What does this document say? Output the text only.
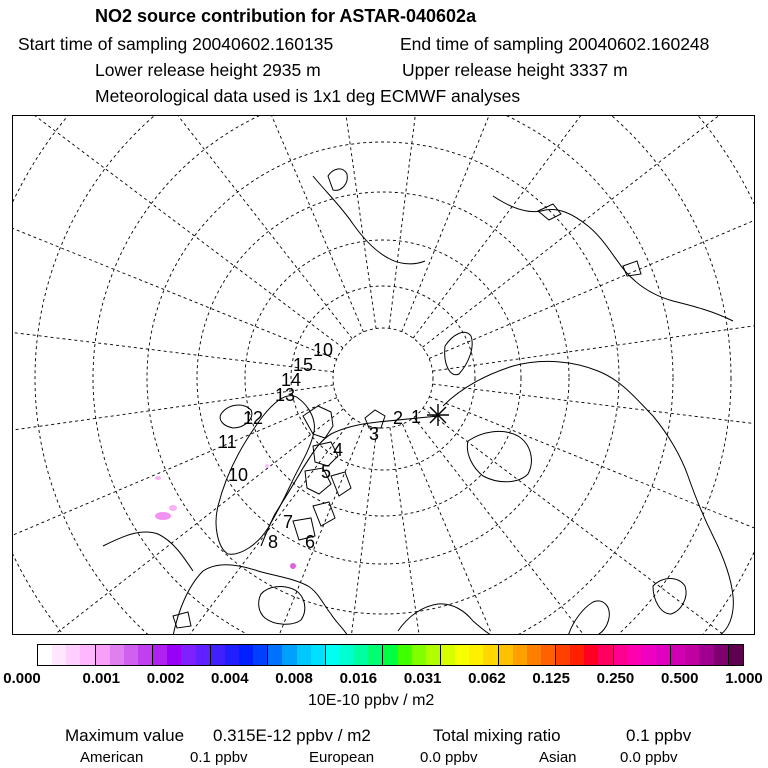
NO2 source contribution for ASTAR-040602a
Start time of sampling 20040602.160135	End time of sampling 20040602.160248
Lower release height 2935 m	Upper release height 3337 m
Meteorological data used is 1x1 deg ECMWF analyses
10
15
14
13
12
11
10
8
7
6
5
4
3
2 1
0.000	0.001 0.002 0.004 0.008 0.016 0.031 0.062 0.125 0.250 0.500 1.000
10E-10 ppbv / m2
Maximum value 0.315E-12 ppbv / m2	Total mixing ratio	0.1 ppbv
American	0.1 ppbv	European	0.0 ppbv	Asian	0.0 ppbv
